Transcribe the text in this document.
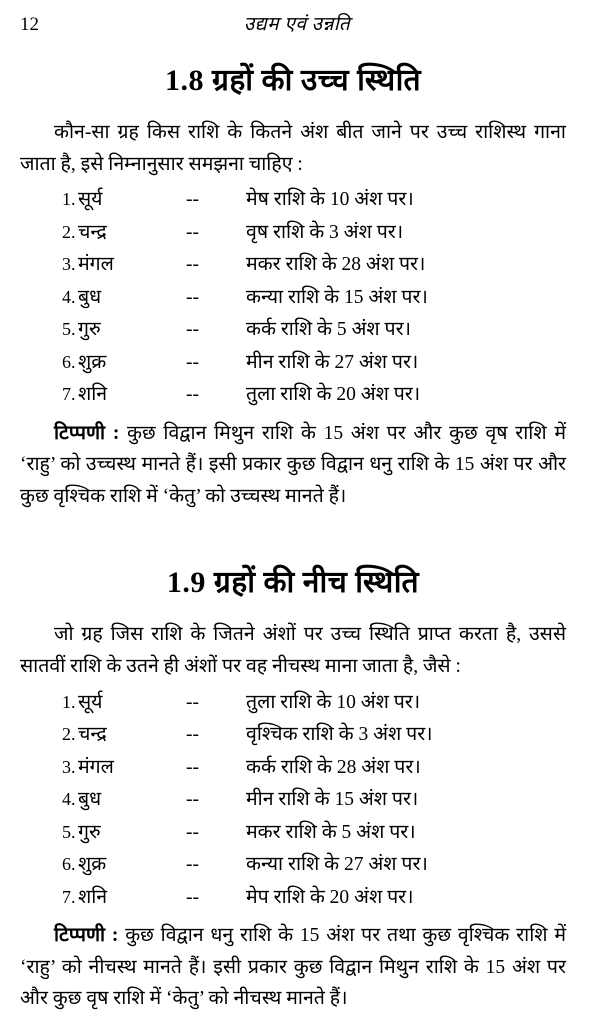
12	उद्यम एवं उन्नति
1.8 ग्रहों की उच्च स्थिति

कौन-सा ग्रह किस राशि के कितने अंश बीत जाने पर उच्च राशिस्थ गाना जाता है, इसे निम्नानुसार समझना चाहिए :

1. सूर्य	--	मेष राशि के 10 अंश पर।
2. चन्द्र	--	वृष राशि के 3 अंश पर।
3. मंगल	--	मकर राशि के 28 अंश पर।
4. बुध	--	कन्या राशि के 15 अंश पर।
5. गुरु	--	कर्क राशि के 5 अंश पर।
6. शुक्र	--	मीन राशि के 27 अंश पर।
7. शनि	--	तुला राशि के 20 अंश पर।

टिप्पणी : कुछ विद्वान मिथुन राशि के 15 अंश पर और कुछ वृष राशि में ‘राहु’ को उच्चस्थ मानते हैं। इसी प्रकार कुछ विद्वान धनु राशि के 15 अंश पर और कुछ वृश्चिक राशि में ‘केतु’ को उच्चस्थ मानते हैं।

1.9 ग्रहों की नीच स्थिति

जो ग्रह जिस राशि के जितने अंशों पर उच्च स्थिति प्राप्त करता है, उससे सातवीं राशि के उतने ही अंशों पर वह नीचस्थ माना जाता है, जैसे :

1. सूर्य	--	तुला राशि के 10 अंश पर।
2. चन्द्र	--	वृश्चिक राशि के 3 अंश पर।
3. मंगल	--	कर्क राशि के 28 अंश पर।
4. बुध	--	मीन राशि के 15 अंश पर।
5. गुरु	--	मकर राशि के 5 अंश पर।
6. शुक्र	--	कन्या राशि के 27 अंश पर।
7. शनि	--	मेप राशि के 20 अंश पर।

टिप्पणी : कुछ विद्वान धनु राशि के 15 अंश पर तथा कुछ वृश्चिक राशि में ‘राहु’ को नीचस्थ मानते हैं। इसी प्रकार कुछ विद्वान मिथुन राशि के 15 अंश पर और कुछ वृष राशि में ‘केतु’ को नीचस्थ मानते हैं।
